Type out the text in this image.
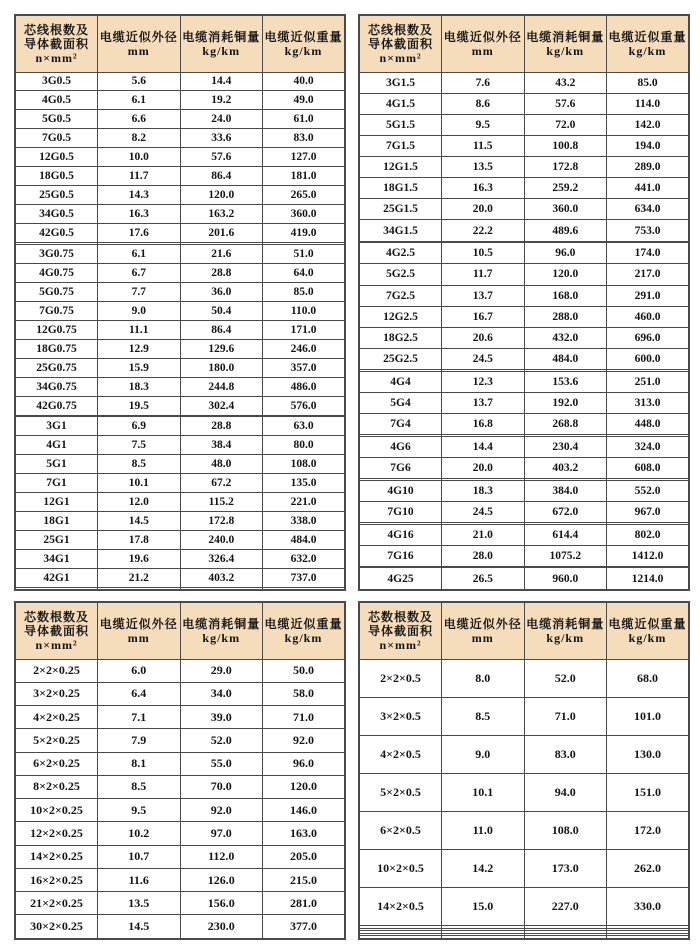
芯线根数及
导体截面积
n×mm²

电缆近似外径
mm

电缆消耗铜量
kg/km

电缆近似重量
kg/km

3G0.5	5.6	14.4	40.0
4G0.5	6.1	19.2	49.0
5G0.5	6.6	24.0	61.0
7G0.5	8.2	33.6	83.0
12G0.5	10.0	57.6	127.0
18G0.5	11.7	86.4	181.0
25G0.5	14.3	120.0	265.0
34G0.5	16.3	163.2	360.0
42G0.5	17.6	201.6	419.0

3G0.75	6.1	21.6	51.0
4G0.75	6.7	28.8	64.0
5G0.75	7.7	36.0	85.0
7G0.75	9.0	50.4	110.0
12G0.75	11.1	86.4	171.0
18G0.75	12.9	129.6	246.0
25G0.75	15.9	180.0	357.0
34G0.75	18.3	244.8	486.0
42G0.75	19.5	302.4	576.0

3G1	6.9	28.8	63.0
4G1	7.5	38.4	80.0
5G1	8.5	48.0	108.0
7G1	10.1	67.2	135.0
12G1	12.0	115.2	221.0
18G1	14.5	172.8	338.0
25G1	17.8	240.0	484.0
34G1	19.6	326.4	632.0
42G1	21.2	403.2	737.0

芯线根数及
导体截面积
n×mm²

电缆近似外径
mm

电缆消耗铜量
kg/km

电缆近似重量
kg/km

3G1.5	7.6	43.2	85.0
4G1.5	8.6	57.6	114.0
5G1.5	9.5	72.0	142.0
7G1.5	11.5	100.8	194.0
12G1.5	13.5	172.8	289.0
18G1.5	16.3	259.2	441.0
25G1.5	20.0	360.0	634.0
34G1.5	22.2	489.6	753.0

4G2.5	10.5	96.0	174.0
5G2.5	11.7	120.0	217.0
7G2.5	13.7	168.0	291.0
12G2.5	16.7	288.0	460.0
18G2.5	20.6	432.0	696.0
25G2.5	24.5	484.0	600.0

4G4	12.3	153.6	251.0
5G4	13.7	192.0	313.0
7G4	16.8	268.8	448.0

4G6	14.4	230.4	324.0
7G6	20.0	403.2	608.0

4G10	18.3	384.0	552.0
7G10	24.5	672.0	967.0

4G16	21.0	614.4	802.0
7G16	28.0	1075.2	1412.0

4G25	26.5	960.0	1214.0
芯数根数及
导体截面积
n×mm²

电缆近似外径
mm

电缆消耗铜量
kg/km

电缆近似重量
kg/km

2×2×0.25	6.0	29.0	50.0
3×2×0.25	6.4	34.0	58.0
4×2×0.25	7.1	39.0	71.0
5×2×0.25	7.9	52.0	92.0
6×2×0.25	8.1	55.0	96.0
8×2×0.25	8.5	70.0	120.0
10×2×0.25	9.5	92.0	146.0
12×2×0.25	10.2	97.0	163.0
14×2×0.25	10.7	112.0	205.0
16×2×0.25	11.6	126.0	215.0
21×2×0.25	13.5	156.0	281.0
30×2×0.25	14.5	230.0	377.0
芯数根数及
导体截面积
n×mm²

电缆近似外径
mm

电缆消耗铜量
kg/km

电缆近似重量
kg/km

2×2×0.5	8.0	52.0	68.0
3×2×0.5	8.5	71.0	101.0
4×2×0.5	9.0	83.0	130.0
5×2×0.5	10.1	94.0	151.0
6×2×0.5	11.0	108.0	172.0
10×2×0.5	14.2	173.0	262.0
14×2×0.5	15.0	227.0	330.0
